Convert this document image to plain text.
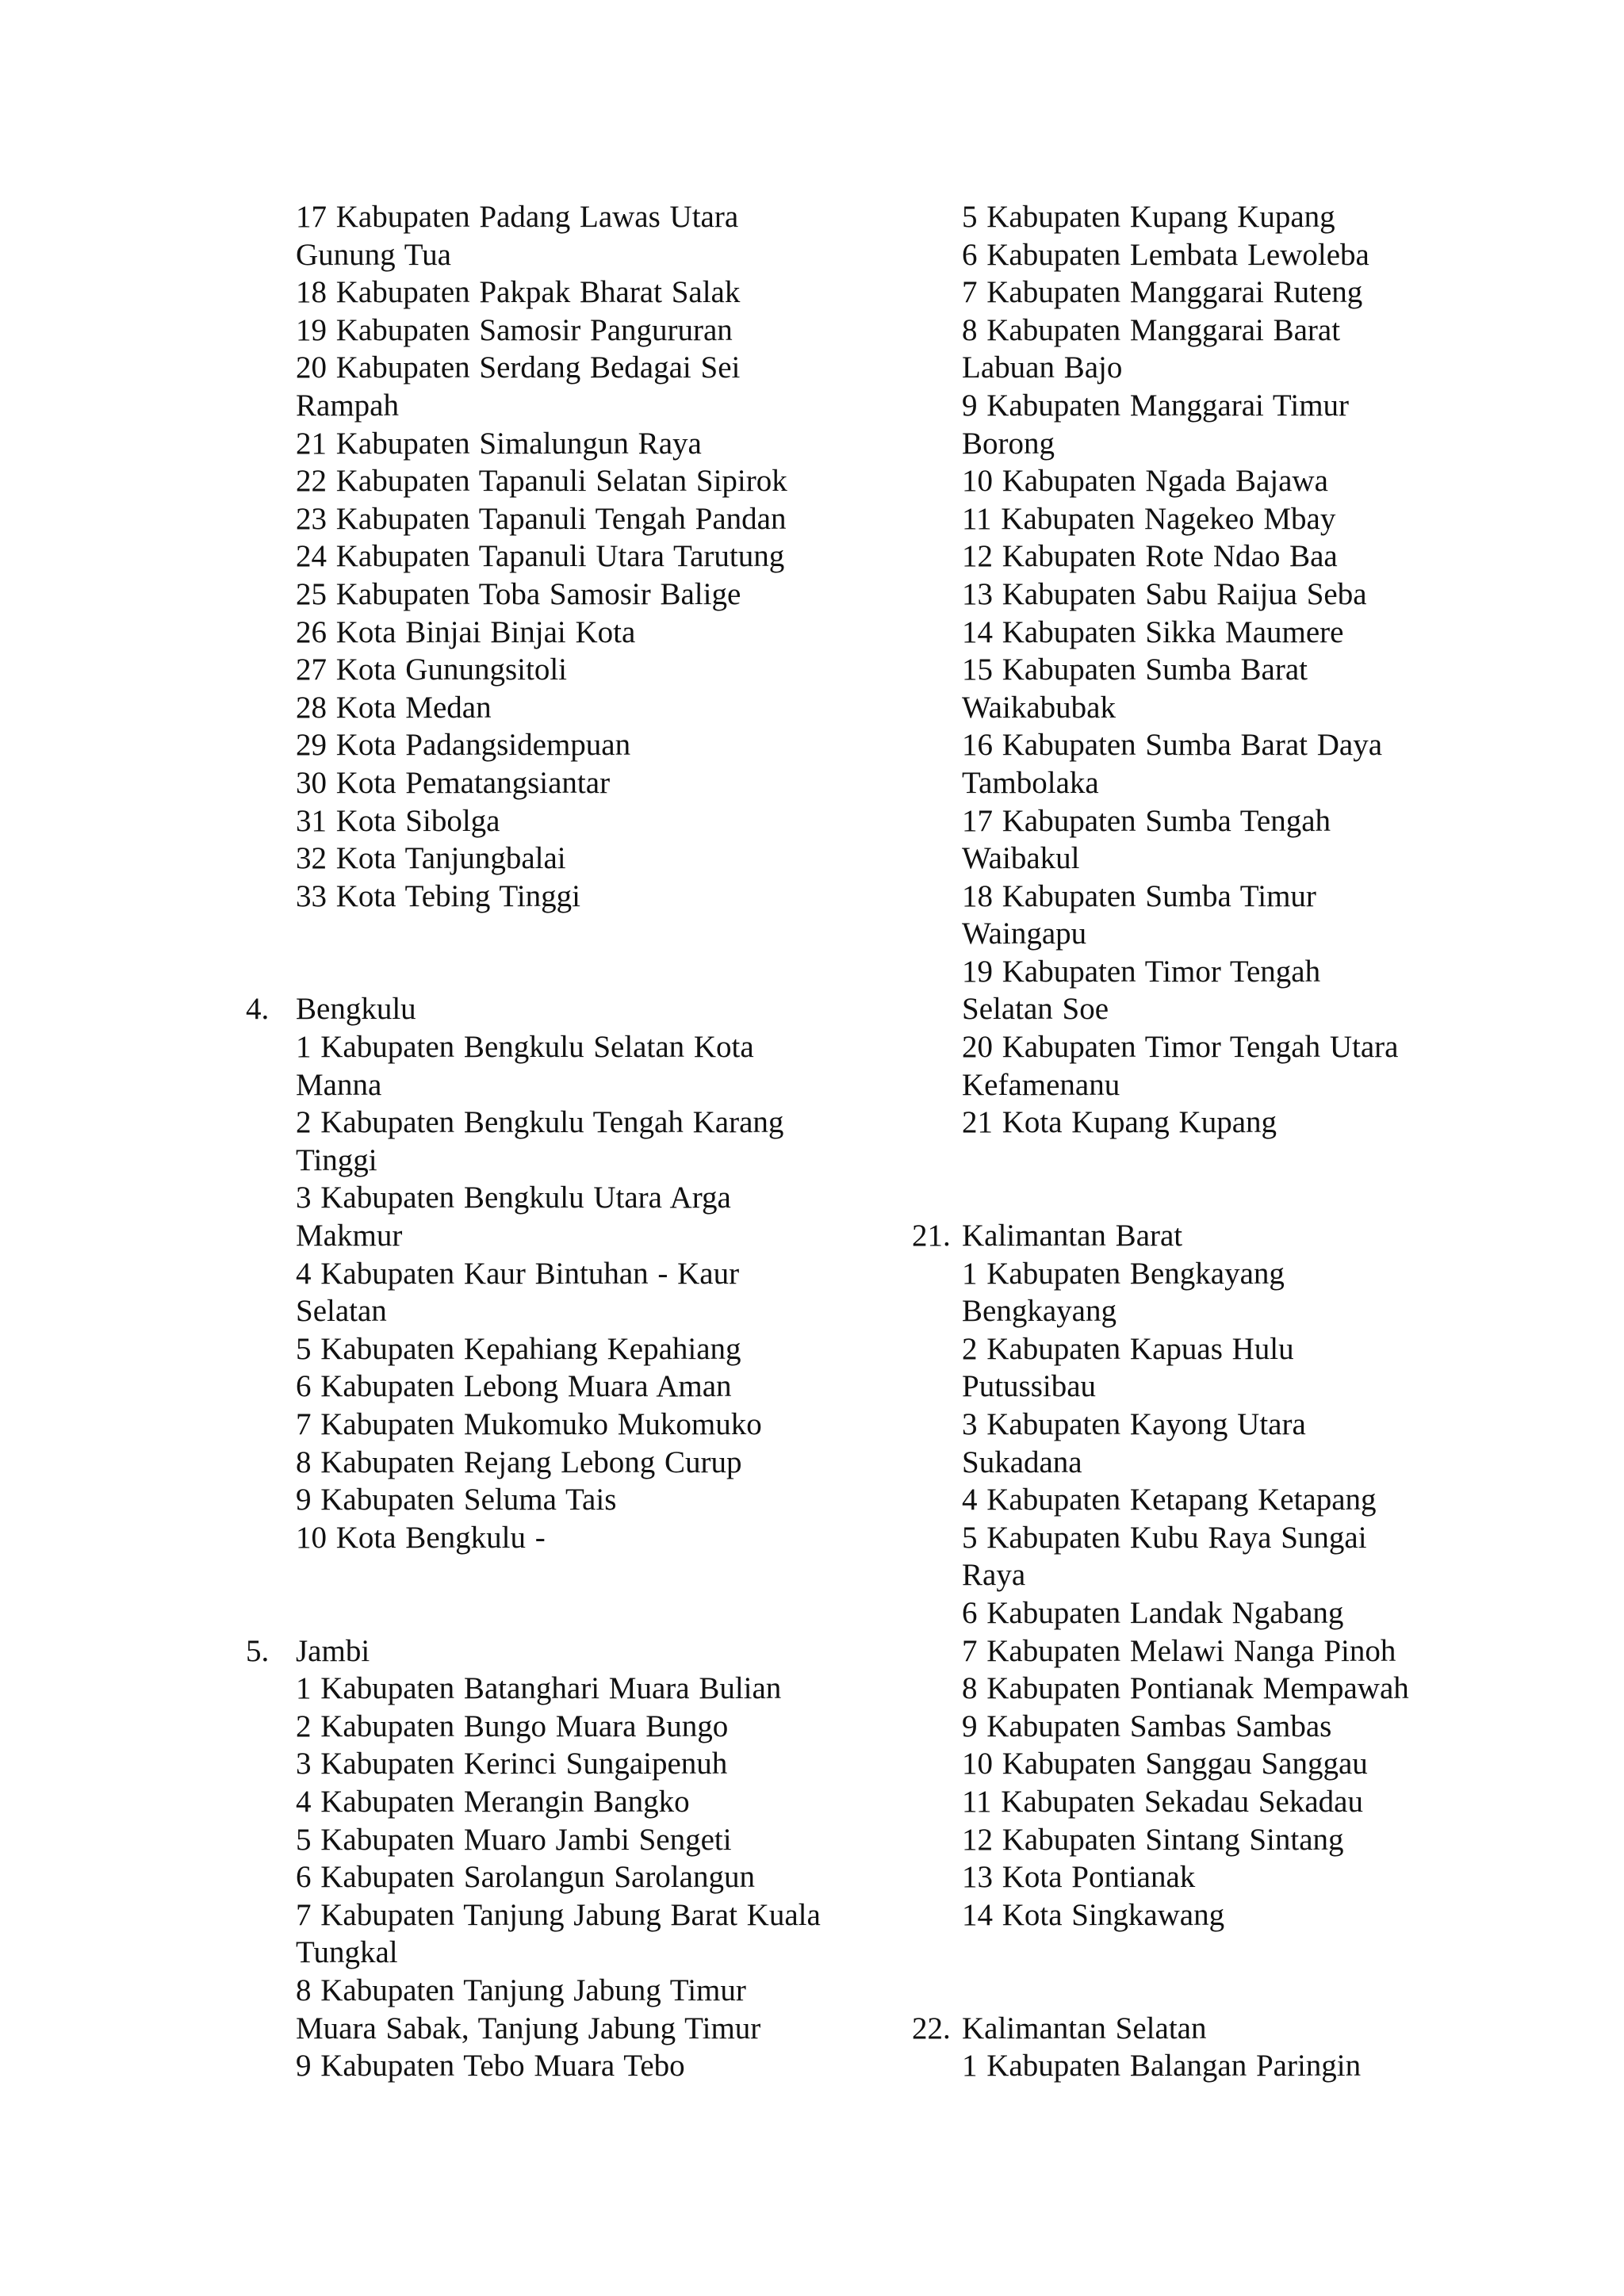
17 Kabupaten Padang Lawas Utara
Gunung Tua
18 Kabupaten Pakpak Bharat Salak
19 Kabupaten Samosir Pangururan
20 Kabupaten Serdang Bedagai Sei
Rampah
21 Kabupaten Simalungun Raya
22 Kabupaten Tapanuli Selatan Sipirok
23 Kabupaten Tapanuli Tengah Pandan
24 Kabupaten Tapanuli Utara Tarutung
25 Kabupaten Toba Samosir Balige
26 Kota Binjai Binjai Kota
27 Kota Gunungsitoli
28 Kota Medan
29 Kota Padangsidempuan
30 Kota Pematangsiantar
31 Kota Sibolga
32 Kota Tanjungbalai
33 Kota Tebing Tinggi
4. Bengkulu
1 Kabupaten Bengkulu Selatan Kota
Manna
2 Kabupaten Bengkulu Tengah Karang
Tinggi
3 Kabupaten Bengkulu Utara Arga
Makmur
4 Kabupaten Kaur Bintuhan - Kaur
Selatan
5 Kabupaten Kepahiang Kepahiang
6 Kabupaten Lebong Muara Aman
7 Kabupaten Mukomuko Mukomuko
8 Kabupaten Rejang Lebong Curup
9 Kabupaten Seluma Tais
10 Kota Bengkulu -
5. Jambi
1 Kabupaten Batanghari Muara Bulian
2 Kabupaten Bungo Muara Bungo
3 Kabupaten Kerinci Sungaipenuh
4 Kabupaten Merangin Bangko
5 Kabupaten Muaro Jambi Sengeti
6 Kabupaten Sarolangun Sarolangun
7 Kabupaten Tanjung Jabung Barat Kuala
Tungkal
8 Kabupaten Tanjung Jabung Timur
Muara Sabak, Tanjung Jabung Timur
9 Kabupaten Tebo Muara Tebo
5 Kabupaten Kupang Kupang
6 Kabupaten Lembata Lewoleba
7 Kabupaten Manggarai Ruteng
8 Kabupaten Manggarai Barat
Labuan Bajo
9 Kabupaten Manggarai Timur
Borong
10 Kabupaten Ngada Bajawa
11 Kabupaten Nagekeo Mbay
12 Kabupaten Rote Ndao Baa
13 Kabupaten Sabu Raijua Seba
14 Kabupaten Sikka Maumere
15 Kabupaten Sumba Barat
Waikabubak
16 Kabupaten Sumba Barat Daya
Tambolaka
17 Kabupaten Sumba Tengah
Waibakul
18 Kabupaten Sumba Timur
Waingapu
19 Kabupaten Timor Tengah
Selatan Soe
20 Kabupaten Timor Tengah Utara
Kefamenanu
21 Kota Kupang Kupang
21. Kalimantan Barat
1 Kabupaten Bengkayang
Bengkayang
2 Kabupaten Kapuas Hulu
Putussibau
3 Kabupaten Kayong Utara
Sukadana
4 Kabupaten Ketapang Ketapang
5 Kabupaten Kubu Raya Sungai
Raya
6 Kabupaten Landak Ngabang
7 Kabupaten Melawi Nanga Pinoh
8 Kabupaten Pontianak Mempawah
9 Kabupaten Sambas Sambas
10 Kabupaten Sanggau Sanggau
11 Kabupaten Sekadau Sekadau
12 Kabupaten Sintang Sintang
13 Kota Pontianak
14 Kota Singkawang
22. Kalimantan Selatan
1 Kabupaten Balangan Paringin
